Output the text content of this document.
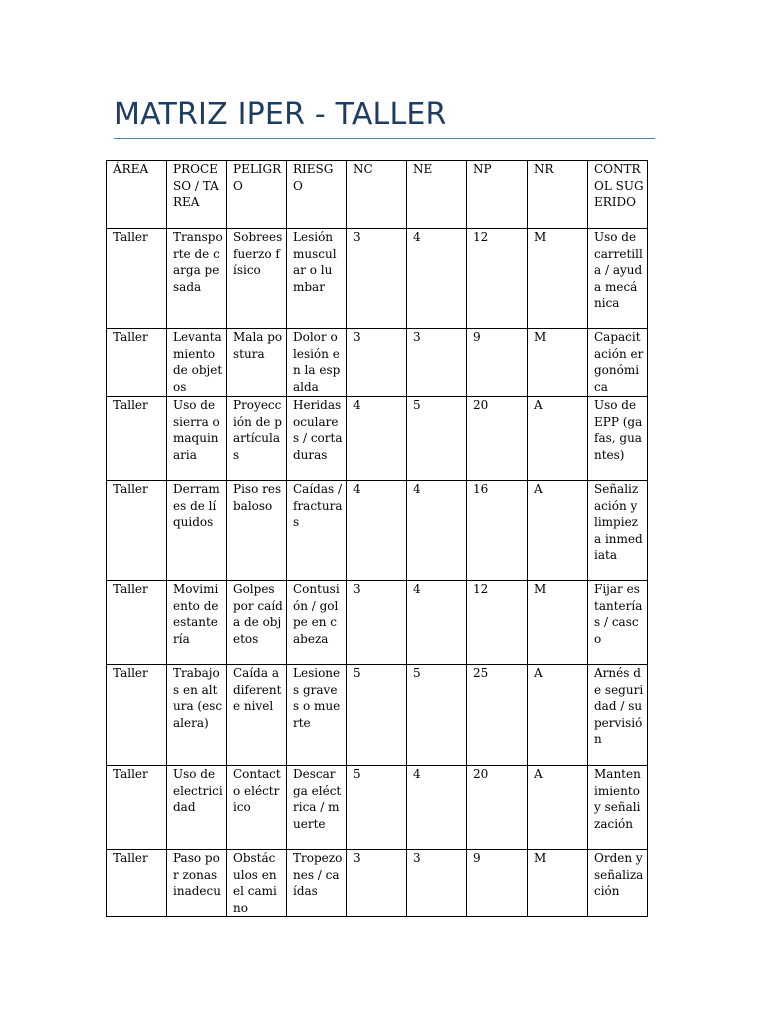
MATRIZ IPER - TALLER
ÁREA	PROCESO / TAREA	PELIGRO	RIESGO	NC	NE	NP	NR	CONTROL SUGERIDO
Taller	Transporte de carga pesada	Sobreesfuerzo físico	Lesión muscular o lumbar	3	4	12	M	Uso de carretilla / ayuda mecánica
Taller	Levantamiento de objetos	Mala postura	Dolor o lesión en la espalda	3	3	9	M	Capacitación ergonómica
Taller	Uso de sierra o maquinaria	Proyección de partículas	Heridas oculares / cortaduras	4	5	20	A	Uso de EPP (gafas, guantes)
Taller	Derrames de líquidos	Piso resbaloso	Caídas / fracturas	4	4	16	A	Señalización y limpieza inmediata
Taller	Movimiento de estantería	Golpes por caída de objetos	Contusión / golpe en cabeza	3	4	12	M	Fijar estanterías / casco
Taller	Trabajos en altura (escalera)	Caída a diferente nivel	Lesiones graves o muerte	5	5	25	A	Arnés de seguridad / supervisión
Taller	Uso de electricidad	Contacto eléctrico	Descarga eléctrica / muerte	5	4	20	A	Mantenimiento y señalización
Taller	Paso por zonas inadecu	Obstáculos en el camino	Tropezones / caídas	3	3	9	M	Orden y señalización
